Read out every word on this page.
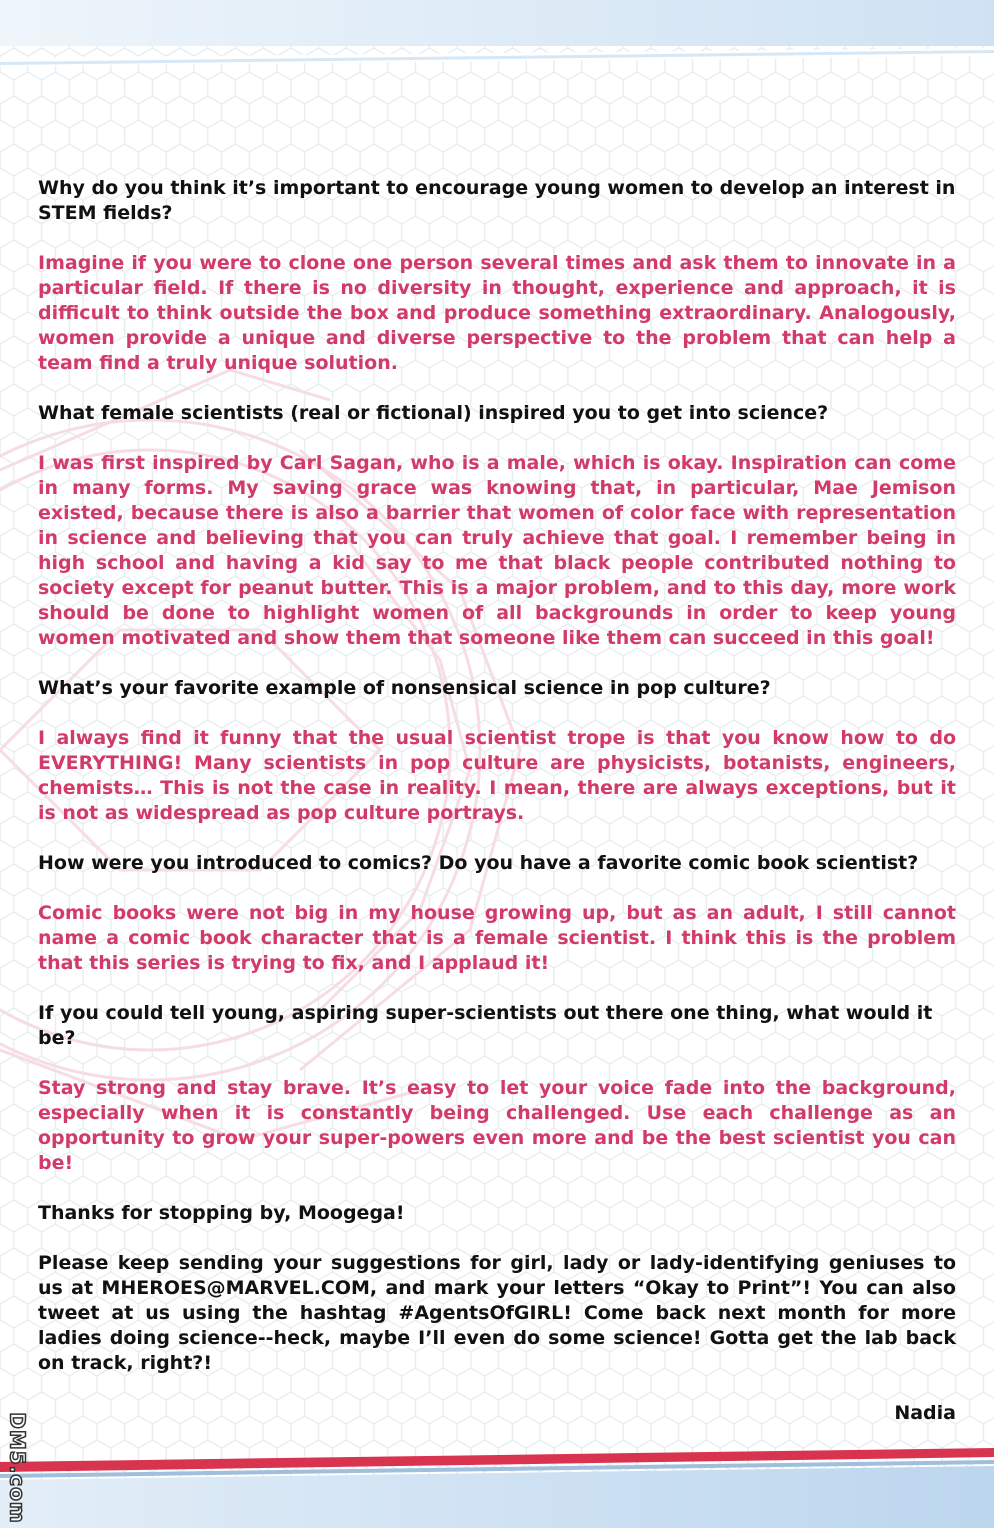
Why do you think it’s important to encourage young women to develop an interest in STEM fields?

Imagine if you were to clone one person several times and ask them to innovate in a particular field. If there is no diversity in thought, experience and approach, it is difficult to think outside the box and produce something extraordinary. Analogously, women provide a unique and diverse perspective to the problem that can help a team find a truly unique solution.

What female scientists (real or fictional) inspired you to get into science?

I was first inspired by Carl Sagan, who is a male, which is okay. Inspiration can come in many forms. My saving grace was knowing that, in particular, Mae Jemison existed, because there is also a barrier that women of color face with representation in science and believing that you can truly achieve that goal. I remember being in high school and having a kid say to me that black people contributed nothing to society except for peanut butter. This is a major problem, and to this day, more work should be done to highlight women of all backgrounds in order to keep young women motivated and show them that someone like them can succeed in this goal!

What’s your favorite example of nonsensical science in pop culture?

I always find it funny that the usual scientist trope is that you know how to do EVERYTHING! Many scientists in pop culture are physicists, botanists, engineers, chemists… This is not the case in reality. I mean, there are always exceptions, but it is not as widespread as pop culture portrays.

How were you introduced to comics? Do you have a favorite comic book scientist?

Comic books were not big in my house growing up, but as an adult, I still cannot name a comic book character that is a female scientist. I think this is the problem that this series is trying to fix, and I applaud it!

If you could tell young, aspiring super-scientists out there one thing, what would it be?

Stay strong and stay brave. It’s easy to let your voice fade into the background, especially when it is constantly being challenged. Use each challenge as an opportunity to grow your super-powers even more and be the best scientist you can be!

Thanks for stopping by, Moogega!

Please keep sending your suggestions for girl, lady or lady-identifying geniuses to us at MHEROES@MARVEL.COM, and mark your letters “Okay to Print”! You can also tweet at us using the hashtag #AgentsOfGIRL! Come back next month for more ladies doing science--heck, maybe I’ll even do some science! Gotta get the lab back on track, right?!

Nadia

DM5.com
